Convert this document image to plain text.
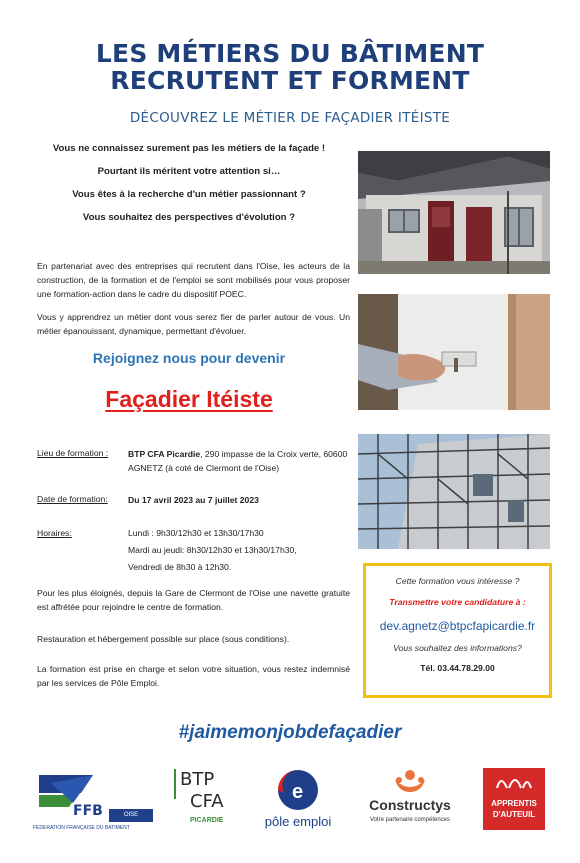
LES MÉTIERS DU BÂTIMENT
RECRUTENT ET FORMENT
DÉCOUVREZ LE MÉTIER DE FAÇADIER ITÉISTE
Vous ne connaissez surement pas les métiers de la façade !
Pourtant ils méritent votre attention si…
Vous êtes à la recherche d'un métier passionnant ?
Vous souhaitez des perspectives d'évolution ?
En partenariat avec des entreprises qui recrutent dans l'Oise, les acteurs de la construction, de la formation et de l'emploi se sont mobilisés pour vous proposer une formation-action dans le cadre du dispositif POEC.
Vous y apprendrez un métier dont vous serez fier de parler autour de vous. Un métier épanouissant, dynamique, permettant d'évoluer.
Rejoignez nous pour devenir
Façadier Itéiste
Lieu de formation : BTP CFA Picardie, 290 impasse de la Croix verte, 60600 AGNETZ (à coté de Clermont de l'Oise)
Date de formation: Du 17 avril 2023 au 7 juillet 2023
Horaires:	Lundi : 9h30/12h30 et 13h30/17h30
Mardi au jeudi: 8h30/12h30 et 13h30/17h30,
Vendredi de 8h30 à 12h30.
Pour les plus éloignés, depuis la Gare de Clermont de l'Oise une navette gratuite est affrétée pour rejoindre le centre de formation.
Restauration et hébergement possible sur place (sous conditions).
La formation est prise en charge et selon votre situation, vous restez indemnisé par les services de Pôle Emploi.
Cette formation vous intéresse ?
Transmettre votre candidature à :
dev.agnetz@btpcfapicardie.fr
Vous souhaitez des informations?
Tél. 03.44.78.29.00
#jaimemonjobdefaçadier
FFB	OISE
FEDERATION FRANÇAISE DU BATIMENT
BTP
CFA
PICARDIE
e
pôle emploi
Constructys
Votre partenaire compétences
APPRENTIS
D'AUTEUIL
